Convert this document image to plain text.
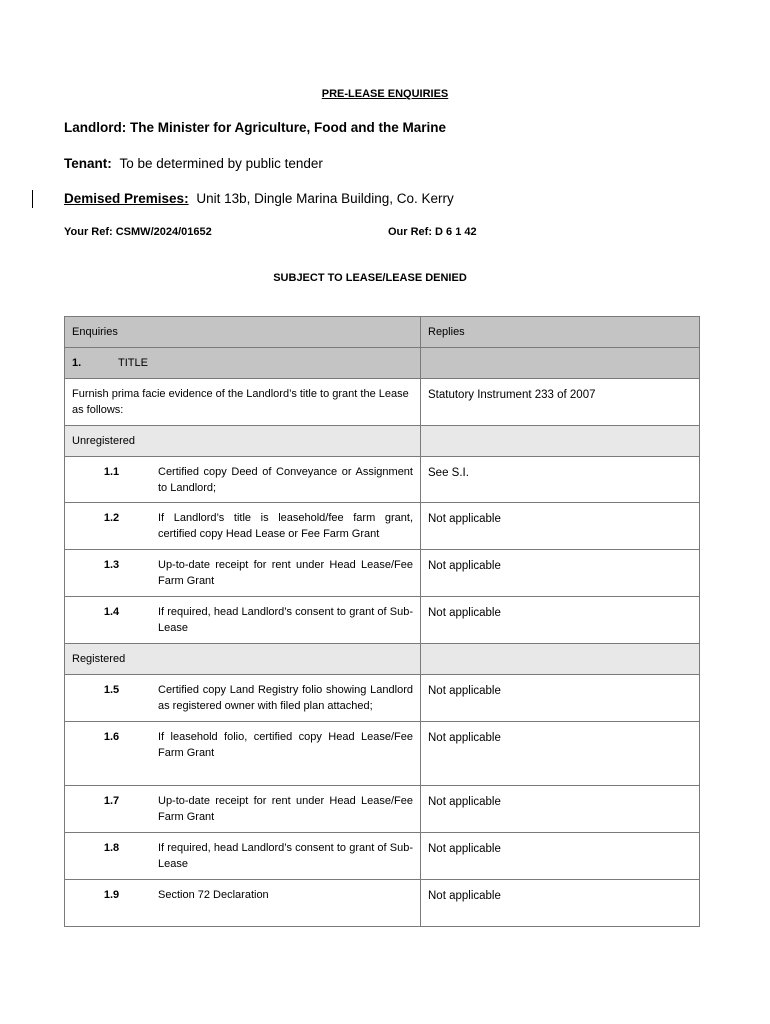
PRE-LEASE ENQUIRIES
Landlord: The Minister for Agriculture, Food and the Marine
Tenant: To be determined by public tender
Demised Premises: Unit 13b, Dingle Marina Building, Co. Kerry
Your Ref: CSMW/2024/01652	Our Ref: D 6 1 42
SUBJECT TO LEASE/LEASE DENIED
Enquiries	Replies

1. TITLE	

Furnish prima facie evidence of the Landlord’s title to grant the Lease as follows:	Statutory Instrument 233 of 2007

Unregistered	

1.1 Certified copy Deed of Conveyance or Assignment to Landlord;	See S.I.

1.2 If Landlord’s title is leasehold/fee farm grant, certified copy Head Lease or Fee Farm Grant	Not applicable

1.3 Up-to-date receipt for rent under Head Lease/Fee Farm Grant	Not applicable

1.4 If required, head Landlord’s consent to grant of Sub-Lease	Not applicable

Registered	

1.5 Certified copy Land Registry folio showing Landlord as registered owner with filed plan attached;	Not applicable

1.6 If leasehold folio, certified copy Head Lease/Fee Farm Grant	Not applicable

1.7 Up-to-date receipt for rent under Head Lease/Fee Farm Grant	Not applicable

1.8 If required, head Landlord’s consent to grant of Sub-Lease	Not applicable

1.9 Section 72 Declaration	Not applicable
